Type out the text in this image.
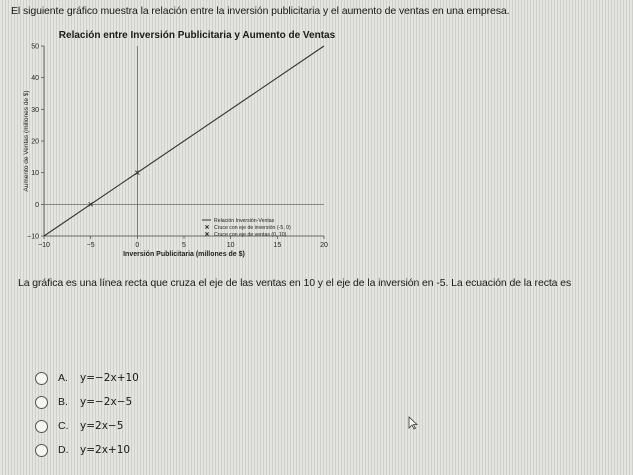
El siguiente gráfico muestra la relación entre la inversión publicitaria y el aumento de ventas en una empresa.
Relación entre Inversión Publicitaria y Aumento de Ventas
−10	−5	0	5	10	15	20
−10
0
10
20
30
40
50
Inversión Publicitaria (millones de $)
Aumento de Ventas (millones de $)
Relación Inversión-Ventas
Cruce con eje de inversión (-5, 0)
Cruce con eje de ventas (0, 10)
La gráfica es una línea recta que cruza el eje de las ventas en 10 y el eje de la inversión en -5. La ecuación de la recta es
A.	y=−2x+10
B.	y=−2x−5
C.	y=2x−5
D.	y=2x+10
